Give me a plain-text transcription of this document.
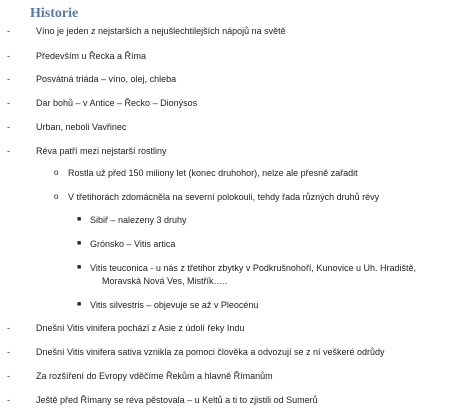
Historie
-	Víno je jeden z nejstarších a nejušlechtilejších nápojů na světě
-	Především u Řecka a Říma
-	Posvátná triáda – víno, olej, chleba
-	Dar bohů – v Antice – Řecko – Dionýsos
-	Urban, neboli Vavřinec
-	Réva patří mezi nejstarší rostliny
o Rostla už před 150 miliony let (konec druhohor), nelze ale přesně zařadit
o V třetihorách zdomácněla na severní polokouli, tehdy řada různých druhů révy
■ Sibiř – nalezeny 3 druhy
■ Grónsko – Vitis artica
■ Vitis teuconica - u nás z třetihor zbytky v Podkrušnohoří, Kunovice u Uh. Hradiště,
Moravská Nová Ves, Mistřík…..
■ Vitis silvestris – objevuje se až v Pleocénu
-	Dnešní Vitis vinifera pochází z Asie z údolí řeky Indu
-	Dnešní Vitis vinifera sativa vznikla za pomoci člověka a odvozují se z ní veškeré odrůdy
-	Za rozšíření do Evropy vděčíme Řekům a hlavně Římanům
-	Ještě před Římany se réva pěstovala – u Keltů a ti to zjistili od Sumerů
